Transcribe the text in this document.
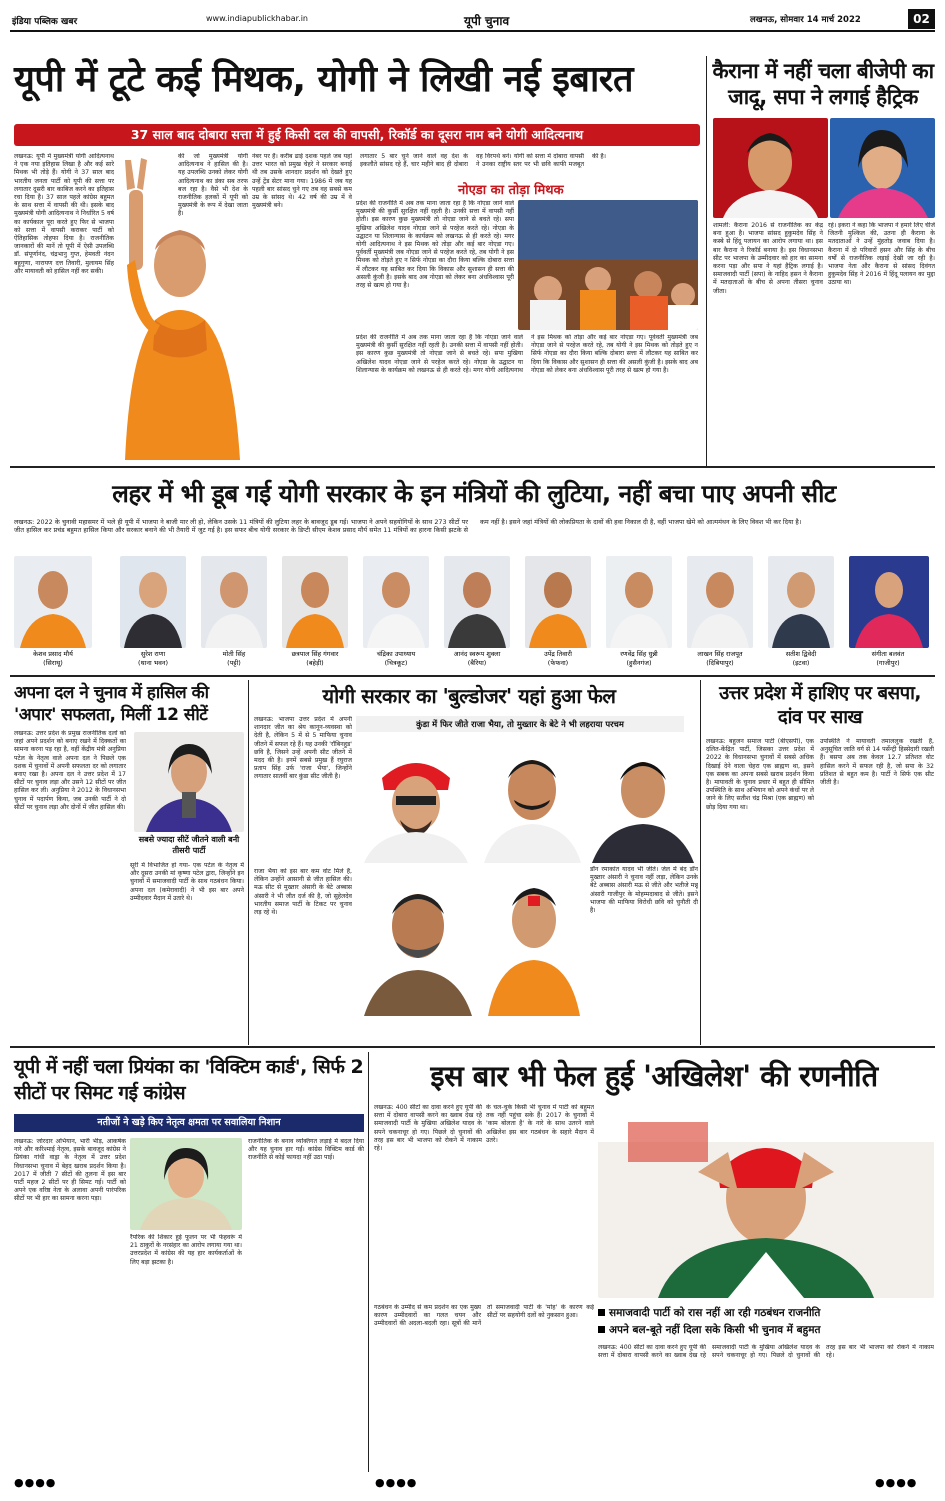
इंडिया पब्लिक खबर	www.indiapublickhabar.in	यूपी चुनाव	लखनऊ, सोमवार 14 मार्च 2022	02
यूपी में टूटे कई मिथक, योगी ने लिखी नई इबारत
37 साल बाद दोबारा सत्ता में हुई किसी दल की वापसी, रिकॉर्ड का दूसरा नाम बने योगी आदित्यनाथ
लखनऊ: यूपी में मुख्यमंत्री योगी आदित्यनाथ ने एक नया इतिहास लिखा है और कई सारे मिथक भी तोड़े हैं। योगी ने 37 साल बाद भारतीय जनता पार्टी को यूपी की सत्ता पर लगातार दूसरी बार काबिज करने का इतिहास रचा दिया है। 37 साल पहले कांग्रेस बहुमत के साथ सत्ता में वापसी की थी। इसके बाद मुख्यमंत्री योगी आदित्यनाथ ने निर्धारित 5 वर्ष का कार्यकाल पूरा करते हुए फिर से भाजपा को सत्ता में वापसी कराकर पार्टी को ऐतिहासिक तोहफा दिया है। राजनीतिक जानकारों की मानें तो यूपी में ऐसी उपलब्धि डॉ. संपूर्णानंद, चंद्रभानु गुप्त, हेमवती नंदन बहुगुणा, नारायण दत्त तिवारी, मुलायम सिंह और मायावती को हासिल नहीं कर सकी।
की जो मुख्यमंत्री योगी आदित्यनाथ ने हासिल की है। यह उपलब्धि उनको लेकर योगी आदित्यनाथ का डंका सब तरफ बज रहा है। वैसे भी देश के राजनीतिक हलकों में यूपी को मुख्यमंत्री के रूप में देखा जाता है।
नंबर पर हैं। करीब ढाई दशक पहले जब यहां उत्तर भारत को प्रमुख चेहरे ने सरकार बनाई थी तब उसके शानदार प्रदर्शन को देखते हुए उन्हें ट्रेंड सेटर माना गया। 1986 में जब यह पहली बार सांसद चुने गए तब वह सबसे कम उम्र के सांसद थे। 42 वर्ष की उम्र में वे मुख्यमंत्री बने।
लगातार 5 बार चुने जाने वाले वह देश के इकलौते सांसद रहे हैं, चार महीने बाद ही दोबारा वह विरपर्थ बने। योगी को सत्ता में दोबारा वापसी ने उनका राष्ट्रीय स्तर पर भी छवि काफी मजबूत की है।
नोएडा का तोड़ा मिथक
प्रदेश की राजनीति में अब तक माना जाता रहा है कि नोएडा जाने वाले मुख्यमंत्री की कुर्सी सुरक्षित नहीं रहती है। उनकी सत्ता में वापसी नहीं होती। इस कारण कुछ मुख्यमंत्री तो नोएडा जाने से बचते रहे। सपा मुखिया अखिलेश यादव नोएडा जाने से परहेज करते रहे। नोएडा के उद्घाटन या शिलान्यास के कार्यक्रम को लखनऊ से ही करते रहे। मगर योगी आदित्यनाथ ने इस मिथक को तोड़ा और कई बार नोएडा गए। पूर्ववर्ती मुख्यमंत्री जब नोएडा जाने से परहेज करते रहे, तब योगी ने इस मिथक को तोड़ते हुए न सिर्फ नोएडा का दौरा किया बल्कि दोबारा सत्ता में लौटकर यह साबित कर दिया कि विकास और सुशासन ही सत्ता की असली कुंजी है। इसके बाद अब नोएडा को लेकर बना अंधविश्वास पूरी तरह से खत्म हो गया है।
प्रदेश की राजनीति में अब तक माना जाता रहा है कि नोएडा जाने वाले मुख्यमंत्री की कुर्सी सुरक्षित नहीं रहती है। उनकी सत्ता में वापसी नहीं होती। इस कारण कुछ मुख्यमंत्री तो नोएडा जाने से बचते रहे। सपा मुखिया अखिलेश यादव नोएडा जाने से परहेज करते रहे। नोएडा के उद्घाटन या शिलान्यास के कार्यक्रम को लखनऊ से ही करते रहे। मगर योगी आदित्यनाथ ने इस मिथक को तोड़ा और कई बार नोएडा गए। पूर्ववर्ती मुख्यमंत्री जब नोएडा जाने से परहेज करते रहे, तब योगी ने इस मिथक को तोड़ते हुए न सिर्फ नोएडा का दौरा किया बल्कि दोबारा सत्ता में लौटकर यह साबित कर दिया कि विकास और सुशासन ही सत्ता की असली कुंजी है। इसके बाद अब नोएडा को लेकर बना अंधविश्वास पूरी तरह से खत्म हो गया है।
कैराना में नहीं चला बीजेपी का जादू, सपा ने लगाई हैट्रिक
शामली: कैराना 2016 से राजनीतिक का केंद्र बना हुआ है। भाजपा सांसद हुकुमदेव सिंह ने कस्बे से हिंदू पलायन का आरोप लगाया था। इस बार कैराना ने रिकॉर्ड बनाया है। इस विधानसभा सीट पर भाजपा के उम्मीदवार को हार का सामना करना पड़ा और सपा ने यहां हैट्रिक लगाई है। समाजवादी पार्टी (सपा) के नाहिद हसन ने कैराना में मतदाताओं के बीच से अपना तीसरा चुनाव जीता।
रहे। इकरा ने कहा कि भाजपा ने हमारे लिए चीजें जितनी मुश्किल की, उतना ही कैराना के मतदाताओं ने उन्हें मुंहतोड़ जवाब दिया है। कैराना में दो परिवारों हसन और सिंह के बीच वर्षों से राजनीतिक लड़ाई देखी जा रही है। भाजपा नेता और कैराना से सांसद दिवंगत हुकुमदेव सिंह ने 2016 में हिंदू पलायन का मुद्दा उठाया था।
लहर में भी डूब गई योगी सरकार के इन मंत्रियों की लुटिया, नहीं बचा पाए अपनी सीट
लखनऊ: 2022 के चुनावी महासमर में भले ही यूपी में भाजपा ने बाजी मार ली हो, लेकिन उसके 11 मंत्रियों की लुटिया लहर के बावजूद डूब गई। भाजपा ने अपने सहयोगियों के साथ 273 सीटों पर जीत हासिल कर प्रचंड बहुमत हासिल किया और सरकार बनाने की भी तैयारी में जुट गई है। इस सफर बीच योगी सरकार के डिप्टी सीएम केशव प्रसाद मौर्य समेत 11 मंत्रियों का हारना किसी झटके से कम नहीं है। इसने जहां मंत्रियों की लोकप्रियता के दावों की हवा निकाल दी है, वहीं भाजपा खेमे को आत्ममंथन के लिए विवश भी कर दिया है।
केशव प्रसाद मौर्य
(सिराथू)
सुरेश राणा
(थाना भवन)
मोती सिंह
(पट्टी)
छत्रपाल सिंह गंगवार
(बहेड़ी)
चंद्रिका उपाध्याय
(चित्रकूट)
आनंद स्वरूप शुक्ला
(बैरिया)
उपेंद्र तिवारी
(फेफना)
रणवेंद्र सिंह धुन्नी
(हुसैनगंज)
लाखन सिंह राजपूत
(दिबियापुर)
सतीश द्विवेदी
(इटवा)
संगीता बलवंत
(गाजीपुर)
अपना दल ने चुनाव में हासिल की 'अपार' सफलता, मिलीं 12 सीटें
लखनऊ: उत्तर प्रदेश के प्रमुख राजनीतिक दलों को जहां अपने प्रदर्शन को बनाए रखने में दिक्कतों का सामना करना पड़ रहा है, वहीं केंद्रीय मंत्री अनुप्रिया पटेल के नेतृत्व वाले अपना दल ने पिछले एक दशक में चुनावों में अपनी सफलता दर को लगातार बनाए रखा है। अपना दल ने उत्तर प्रदेश में 17 सीटों पर चुनाव लड़ा और उसने 12 सीटों पर जीत हासिल कर ली। अनुप्रिया ने 2012 के विधानसभा चुनाव में पदार्पण किया, जब उनकी पार्टी ने दो सीटों पर चुनाव लड़ा और दोनों में जीत हासिल की।
सबसे ज्यादा सीटें जीतने वाली बनी तीसरी पार्टी
सूरी में विभाजित हो गया- एक पटेल के नेतृत्व में और दूसरा उनकी मां कृष्णा पटेल द्वारा, जिन्होंने इन चुनावों में समाजवादी पार्टी के साथ गठबंधन किया। अपना दल (कमेरावादी) ने भी इस बार अपने उम्मीदवार मैदान में उतारे थे।
योगी सरकार का 'बुल्डोजर' यहां हुआ फेल
कुंडा में फिर जीते राजा भैया, तो मुख्तार के बेटे ने भी लहराया परचम
लखनऊ: भाजपा उत्तर प्रदेश में अपनी शानदार जीत का श्रेय कानून-व्यवस्था को देती है, लेकिन 5 में से 5 माफिया चुनाव जीतने में सफल रहे हैं। यह उनकी 'रॉबिनहुड' छवि है, जिसने उन्हें अपनी सीट जीतने में मदद की है। इनमें सबसे प्रमुख हैं रघुराज प्रताप सिंह उर्फ 'राजा भैया', जिन्होंने लगातार सातवीं बार कुंडा सीट जीती है।
राजा भैया को इस बार कम वोट मिले हैं, लेकिन उन्होंने आसानी से जीत हासिल की। मऊ सीट से मुख्तार अंसारी के बेटे अब्बास अंसारी ने भी जीत दर्ज की है, जो सुहेलदेव भारतीय समाज पार्टी के टिकट पर चुनाव लड़ रहे थे।
डॉन रमाकांत यादव भी जीते। जेल में बंद डॉन मुख्तार अंसारी ने चुनाव नहीं लड़ा, लेकिन उनके बेटे अब्बास अंसारी मऊ से जीते और भतीजे मन्नू अंसारी गाजीपुर के मोहम्मदाबाद से जीते। इसने भाजपा की माफिया विरोधी छवि को चुनौती दी है।
उत्तर प्रदेश में हाशिए पर बसपा, दांव पर साख
लखनऊ: बहुजन समाज पार्टी (बीएसपी), एक दलित-केंद्रित पार्टी, जिसका उत्तर प्रदेश में 2022 के विधानसभा चुनावों में सबसे अधिक दिखाई देने वाला चेहरा एक ब्राह्मण था, इसने एक सबक का अपना सबसे खराब प्रदर्शन किया है। मायावती के चुनाव प्रचार में बहुत ही सीमित उपस्थिति के साथ अभियान को अपने कंधों पर ले जाने के लिए सतीश चंद्र मिश्रा (एक ब्राह्मण) को छोड़ दिया गया था।
उपस्थिति ने मायावती तमाललुक रखती हैं, अनुसूचित जाति वर्ग से 14 पर्सेन्ट्री हिस्सेदारी रखती हैं। बसपा अब तक केवल 12.7 प्रतिशत वोट हासिल करने में सफल रही है, जो सपा के 32 प्रतिशत से बहुत कम है। पार्टी ने सिर्फ एक सीट जीती है।
यूपी में नहीं चला प्रियंका का 'विक्टिम कार्ड', सिर्फ 2 सीटों पर सिमट गई कांग्रेस
नतीजों ने खड़े किए नेतृत्व क्षमता पर सवालिया निशान
लखनऊ: जोरदार अभियान, भारी भीड़, आकर्षक नारे और करिश्माई नेतृत्व, इसके बावजूद कांग्रेस ने प्रियंका गांधी वाड्रा के नेतृत्व में उत्तर प्रदेश विधानसभा चुनाव में बेहद खराब प्रदर्शन किया है। 2017 में जीती 7 सीटों की तुलना में इस बार पार्टी महज 2 सीटों पर ही सिमट गई। पार्टी को अपने एक वरिष्ठ नेता के अलावा अपनी पारंपरिक सीटों पर भी हार का सामना करना पड़ा।
रैंपरिक की शिकार हुई फूलन पर भी फेहवरूं में 21 ठाकुरों के नरसंहार का आरोप लगाया गया था। उत्तरप्रदेश में कांग्रेस की यह हार कार्यकर्ताओं के लिए बड़ा झटका है।
राजनीतिक के बनाव व्यक्तिगत लड़ाई में बदल दिया और यह चुनाव हार गईं। कांग्रेस विक्टिम कार्ड की राजनीति से कोई फायदा नहीं उठा पाई।
इस बार भी फेल हुई 'अखिलेश' की रणनीति
लखनऊ: 400 सीटों का दावा करने हुए यूपी की सत्ता में दोबारा वापसी करने का ख्वाब देख रहे समाजवादी पार्टी के मुखिया अखिलेश यादव के सपने चकनाचूर हो गए। पिछले दो चुनावों की तरह इस बार भी भाजपा को रोकने में नाकाम रहे।
के चल-चुके किसी भी चुनाव में पार्टी को बहुमत तक नहीं पहुंचा सके हैं। 2017 के चुनावों में 'काम बोलता है' के नारे के साथ उतरने वाले अखिलेश इस बार गठबंधन के सहारे मैदान में उतरे।
समाजवादी पार्टी को रास नहीं आ रही गठबंधन राजनीति
अपने बल-बूते नहीं दिला सके किसी भी चुनाव में बहुमत
गठबंधन के उम्मीद से कम प्रदर्शन का एक मुख्य कारण उम्मीदवारों का गलत चयन और उम्मीदवारों की अदला-बदली रहा। सूत्रों की मानें तो समाजवादी पार्टी के 'मोह' के कारण कई सीटों पर सहयोगी दलों को नुकसान हुआ।
लखनऊ: 400 सीटों का दावा करने हुए यूपी की सत्ता में दोबारा वापसी करने का ख्वाब देख रहे समाजवादी पार्टी के मुखिया अखिलेश यादव के सपने चकनाचूर हो गए। पिछले दो चुनावों की तरह इस बार भी भाजपा को रोकने में नाकाम रहे।
●●●●	●●●●	●●●●
